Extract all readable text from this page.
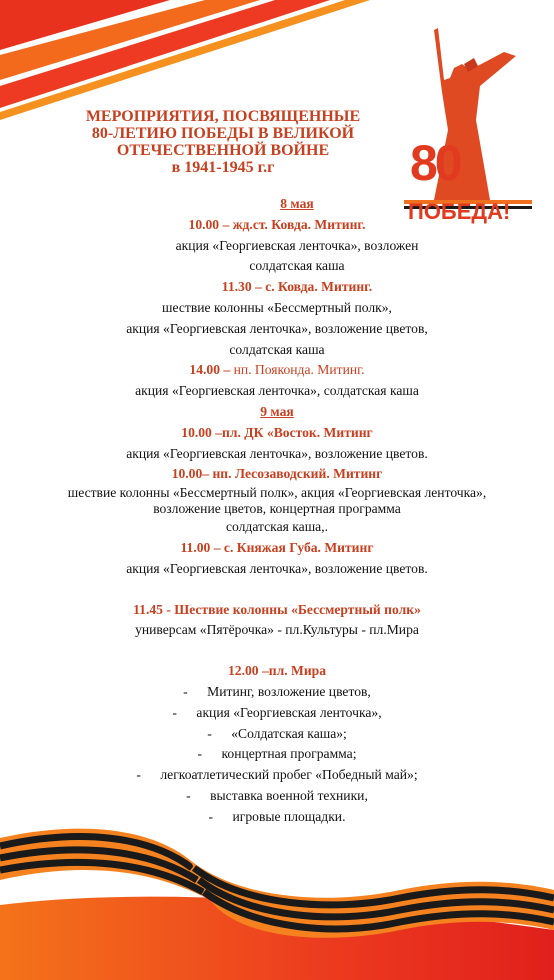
80
ПОБЕДА!
МЕРОПРИЯТИЯ, ПОСВЯЩЕННЫЕ
80-ЛЕТИЮ ПОБЕДЫ В ВЕЛИКОЙ
ОТЕЧЕСТВЕННОЙ ВОЙНЕ
в 1941-1945 г.г
8 мая
10.00 – жд.ст. Ковда. Митинг.
акция «Георгиевская ленточка», возложен
солдатская каша
11.30 – с. Ковда. Митинг.
шествие колонны «Бессмертный полк»,
акция «Георгиевская ленточка», возложение цветов,
солдатская каша
14.00 – нп. Пояконда. Митинг.
акция «Георгиевская ленточка», солдатская каша
9 мая
10.00 –пл. ДК «Восток. Митинг
акция «Георгиевская ленточка», возложение цветов.
10.00– нп. Лесозаводский. Митинг
шествие колонны «Бессмертный полк», акция «Георгиевская ленточка»,
возложение цветов, концертная программа
солдатская каша,.
11.00 – с. Княжая Губа. Митинг
акция «Георгиевская ленточка», возложение цветов.
11.45 - Шествие колонны «Бессмертный полк»
универсам «Пятёрочка» - пл.Культуры - пл.Мира
12.00 –пл. Мира
- Митинг, возложение цветов,
- акция «Георгиевская ленточка»,
- «Солдатская каша»;
- концертная программа;
- легкоатлетический пробег «Победный май»;
- выставка военной техники,
- игровые площадки.
